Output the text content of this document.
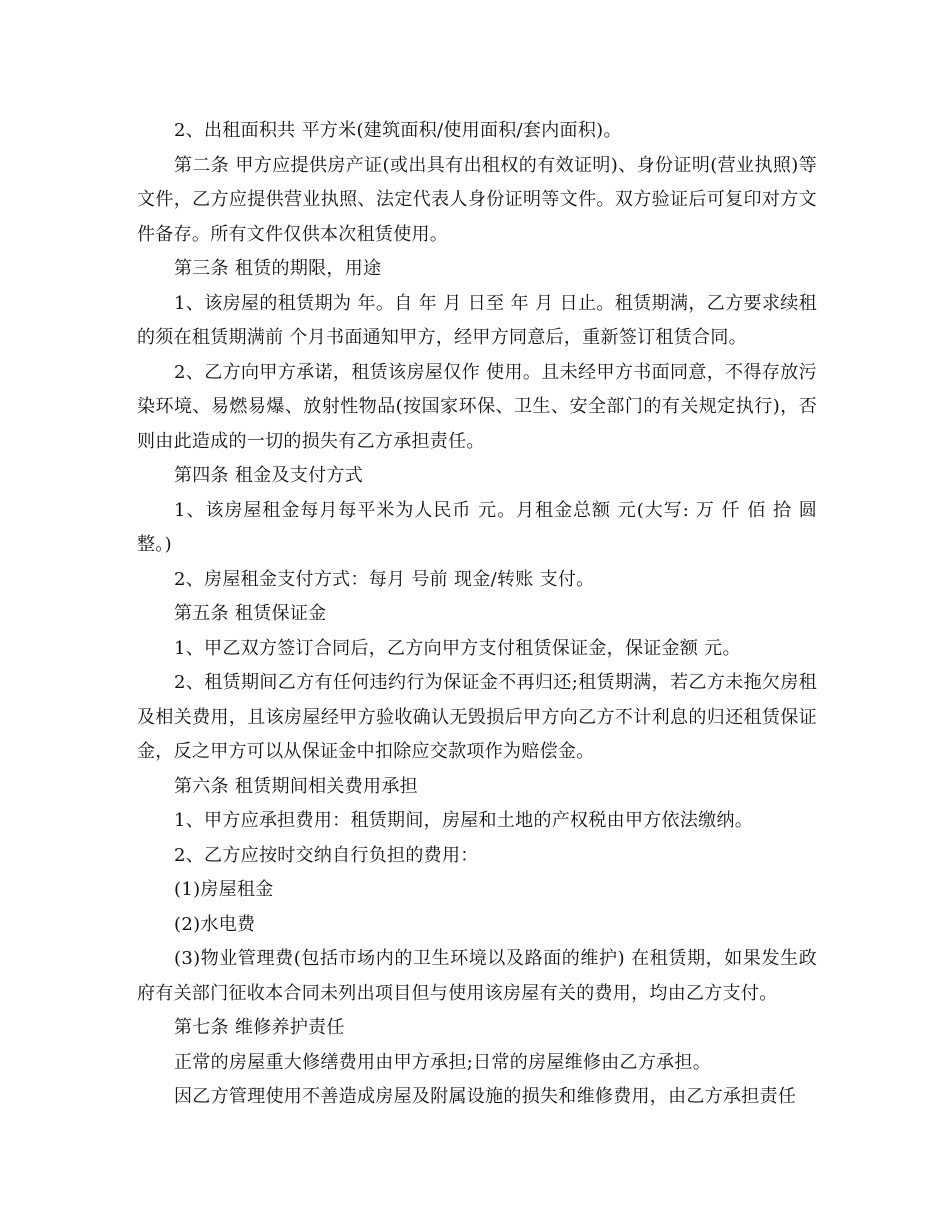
2、出租面积共 平方米(建筑面积/使用面积/套内面积)。

第二条 甲方应提供房产证(或出具有出租权的有效证明)、身份证明(营业执照)等文件，乙方应提供营业执照、法定代表人身份证明等文件。双方验证后可复印对方文件备存。所有文件仅供本次租赁使用。

第三条 租赁的期限，用途

1、该房屋的租赁期为 年。自 年 月 日至 年 月 日止。租赁期满，乙方要求续租的须在租赁期满前 个月书面通知甲方，经甲方同意后，重新签订租赁合同。

2、乙方向甲方承诺，租赁该房屋仅作 使用。且未经甲方书面同意，不得存放污染环境、易燃易爆、放射性物品(按国家环保、卫生、安全部门的有关规定执行)，否则由此造成的一切的损失有乙方承担责任。

第四条 租金及支付方式

1、该房屋租金每月每平米为人民币 元。月租金总额 元(大写: 万 仟 佰 拾 圆整。)

2、房屋租金支付方式：每月 号前 现金/转账 支付。

第五条 租赁保证金

1、甲乙双方签订合同后，乙方向甲方支付租赁保证金，保证金额 元。

2、租赁期间乙方有任何违约行为保证金不再归还;租赁期满，若乙方未拖欠房租及相关费用，且该房屋经甲方验收确认无毁损后甲方向乙方不计利息的归还租赁保证金，反之甲方可以从保证金中扣除应交款项作为赔偿金。

第六条 租赁期间相关费用承担

1、甲方应承担费用：租赁期间，房屋和土地的产权税由甲方依法缴纳。

2、乙方应按时交纳自行负担的费用：

(1)房屋租金

(2)水电费

(3)物业管理费(包括市场内的卫生环境以及路面的维护) 在租赁期，如果发生政府有关部门征收本合同未列出项目但与使用该房屋有关的费用，均由乙方支付。

第七条 维修养护责任

正常的房屋重大修缮费用由甲方承担;日常的房屋维修由乙方承担。

因乙方管理使用不善造成房屋及附属设施的损失和维修费用，由乙方承担责任
